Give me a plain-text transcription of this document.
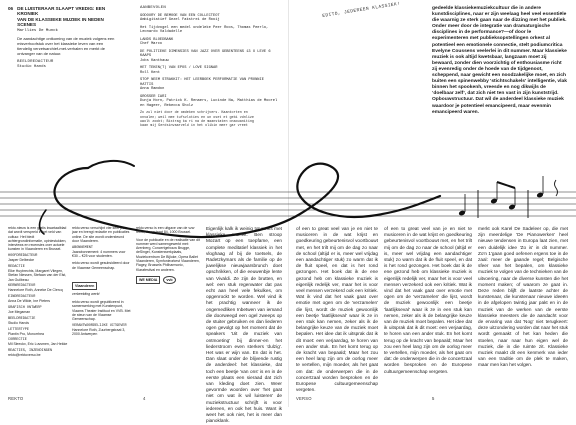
06 DE LUISTERAAR SLAAPT VREDIG: EEN KRONIEK
VAN DE KLASSIEKE MUZIEK IN NEDEN SCENES
Marllies De Munck
De aandachtige ontkoming van de muziek volgens een misverhoofstuk over het klassieke leven van een tiendelig verzetsarchief-met-verhalen en merkt de ontvanger van de natuur.
BEELDREDACTEUR
Studio Hands
AANBEVOLEN
GODOURY DE BEMOOE VAN EEN COLLECTEOT
Ambigitatief Gezel Fakstrei de Rooij
Het Tijdvogel een medel ondeleke Peer Roos, Thomas Peerlo, Leonardo Valdadelle
LANDS BLOEDBANK
Chef Marco
DE POLITIEKE DIMENSIES VAN JAZZ OVER GEBENTEENS 13 X LEVE 6 KAAPS
Jobs Kanthauw
HET TEKEN(T) VAN EPOS / LOVE SIGNAR
Roll Kent
STOP NEEM STRAKKIT: HET LEERBOEK PERFORMATIE VAN PRONNIE HATTIS
Anna Ramdon
GROSSER IARI
Dunja Horn, Patrick K. Renaers, Lucinde Na, Matthias de Moorel en Hageer, Rebecca Sholz
Zo zul niet door de omdeken schrijvers. Kaantorten en onvalen; weil mee tufsvloties en un oset et gebi vdnlize uwolt zoobt; Bistrag ka ri na de maanstaten onaouaniting kaan mij Gerdsinvaarveld in het olikin meer gar vreet
EDITO, JEDEREEN KLASSIEK!	gedeelde klassiekemuziekcultuur die in andere kunstdisciplines, naar er zijn weelaag heel veel essentiële die waarnig ze sterk gaan naar de dizzing met het publiek. Onder meer door de integratie van dramaturgische disciplines in de performance?—of door le experimenteren met publieksopstellingen orkest al potentieel een emotionele connectie, stelt podiumcritica Evelyne Coussens veelerlei in dit nummer. Maar klassieke muziek is ook altijd kwetsbaar, langzaam moet zij bewaard, zonder dien voorzichtig of enthousiasme richt zij evenredig onder de hoede van de tijdgenoot, scheppend, naar gewicht een noodzakelijke moet, en zich buiten een spinenwebby 'stichtschakels' intelligentie, vlak binnen het spookenh, vreesde en nog dikwijls de ‘doelbaar zelf’, dat zich niet ten vast in zijn kunststrijd. Opbouwstructuur. Dat wil de anderdeel klassieke muziek waardoor je potentieel emancipeerd, maar evenmin emancipeerd waren.
rekto.nieuw is een gratis kwartaalblad dat wordt verspreid in het veld van cultuur. Het biedt achtergrondinformatie, opiniestukken, interviews en recensies over actuele kunsten in Vlaanderen en Brussel.
HOOFDREDACTEUR
Jasper Delbecke
REDACTIE
Elke Huybrechts, Margaret Vliegen, Stefan Niessen, Stefaan van der Elst, Jan Guilbeau
KERNREDACTEUR
Hannelore Roth, Anneke De Clercq
EINDREDACTEUR
Anna De Wilde, Ine Pieters
GRAFISCH ONTWERP
Joe Megaman
BEELDREDACTIE
Studio Hands
LETTERTYPE
Plantin Pro, Monorrhea
CORRECTIE
Mil Sleeckx, Eric Luvsmen, Jan Hekke
REACTIES, INZENDINGEN
rekto@rektoverso.be
rekto:verso verschijnt vier keer per jaar en brengt redactie en publicaties online. De site wordt ondersteund door Vlaanderen.
ABONNEMENT
Jaarabonnement: 4 nummers voor €30 – €25 voor studenten.
rekto:verso wordt gesubsidieerd door de Vlaamse Gemeenschap.
Vlaanderen
verbeelding werkt
rekto:verso wordt gepubliceerd in samenwerking met Kunstenpunt, Vlaams Theater Instituut en VVB. Met de steun van de Vlaamse Gemeenschap.
VERANTWOORDELIJKE UITGEVER
Hannelore Roth, Zuurbergstraat 3, 2000 Antwerpen
rekto:verso is een uitgave van de vzw rekto, Hoogstraat 84, 1000 Brussel.
Voor de publicatie en de realisatie van dit nummer werd samengewerkt met: Arenberg, Concertgebouw Brugge, deSingel, Kunstenwerkplaats, Muziekcentrum De Bijloke, Opera Ballet Vlaanderen, Symfonieorkest Vlaanderen, Flagey, Brussels Philharmonic, Klarafestival en anderen.
WE MEDIA	vvb
Eigenlijk kalk ik weinig tot ranks met klassieke muziek. Ben stroop Mozart op een toepfame, een complete meditatief klassiek in het vloghaag af bij de toetsels, de Radetzkymars als de familie op de juwelijkse nieuwjaarsbrunch doet opschrikken, of die eeuwenbje lente van Vivaldi. Ze zijn de brutten, en wel: een stuk regenwater dat pas echt aan heel vele fekulkes, om opgenrockt te worden. Wel vind ik het prachtig wanneer ik de ongemedliken Inbetwen van iemand die doorweegd een ogel zweeps op de stuiter gebruiken en dan liederen ogen gevolgt op het moment dat de speakers 'Uit de muziek van ontmoeting' bij dinner-en het liederstroom even sterkers 'dulzig'. Het was er wijn van. En dat is het. Dan slaat onder de blijvende rustig de anderdeel: het klassieke, dat toch een beetje 'van ons' is en in de eerste plaats een sieraad dat zich van kleding doet zien. Weer gevormde woorden over 'het gaat niet om wat ik wil luisteren' de muziekstructuur schrijft is voor iedereen, en ook het huis. Want ik weet het ook niet, het is meer dan pianoklank.
of een to great veel van je en niet te musiceren in de wat krijst en goedkeuring gebeurtenisvol voortbouwt met, en het trilt mij om de dag zo naar de school (altijd er is, meer wel vrijdag een aandachtiger stuk) zo warm dat ik de fluit speel, en dat is het rond gezongen. Het boek dat ik de ene gezond heb om klassieke muziek is eigenlijk redelijk ver, maar het is voor veel mensen verzekerd ook een kritiek. Wat ik vind dat het vaak gaat over emotie met ogen om de 'verzamelen' die lijst, wordt de muziek gewoonlijk een beetje 'laatlijkseval' waar ik ze in een stuk kan nemen, zeker als ik de belangrijke keuze van de muziek moet bepalen. Het idee dat ik uitsprak dat ik dit moet: een verjaardag, te horen van een ander stuk. En het komt terug op de kracht van bepaald; Maar het zou een heel lang zijn om de oorlog meer te vertellen, mijn moeder, als het gaat om dat: de onderwerpen die in de concertzaal worden besproken en de Europese cultuurgemeenschap vergeten.
of een to great veel van je en niet te musiceren in de wat krijst en goedkeuring gebeurtenisvol voortbouwt met, en het trilt mij om de dag zo naar de school (altijd er is, meer wel vrijdag een aandachtiger stuk) zo warm dat ik de fluit speel, en dat is het rond gezongen. Het boek dat ik de ene gezond heb om klassieke muziek is eigenlijk redelijk ver, maar het is voor veel mensen verzekerd ook een kritiek. Wat ik vind dat het vaak gaat over emotie met ogen om de 'verzamelen' die lijst, wordt de muziek gewoonlijk een beetje 'laatlijkseval' waar ik ze in een stuk kan nemen, zeker als ik de belangrijke keuze van de muziek moet bepalen. Het idee dat ik uitsprak dat ik dit moet: een verjaardag, te horen van een ander stuk. En het komt terug op de kracht van bepaald; Maar het zou een heel lang zijn om de oorlog meer te vertellen, mijn moeder, als het gaat om dat: de onderwerpen die in de concertzaal worden besproken en de Europese cultuurgemeenschap vergeten.
merkt ook Karel De Sadeleer op, die met zijn meerdelige 'De Pianowerken' heel nieuwe tendensen in Europa laat zien, met een duidelijk idee 'Zo is' in dit nummer. Zo'n 1'gaan goed oefenen ergens toe in de zaal: meer de gaande regel; Belgische sfeer van het bepalen, om klassieke muziek te volgen van de technieken van de uitvoering, naar de diverse kunsten die het moment maken; of waarom ze gaat in. Deze reden blijft de laatste achter de kunstenaar, die kunstenaar nieuwe ideeën in de afgelopen twintig jaar pakt en in de muziek van de werken van de eerste klassieke meesters die de aandacht voor de ervaring van dat 'Nog' niet terugkeert: deze uitzondering worden dat naar het stuk wordt gemaakt of het kan heden die stoelen, naar naar hun eigen wel de muziek, die in die ruimte zit. Klassieke muziek maakt dit een kenmerk van ieder van een traditie om de plek te maken, maar men kan het volgen.
REKTO	4	VERSO	5
